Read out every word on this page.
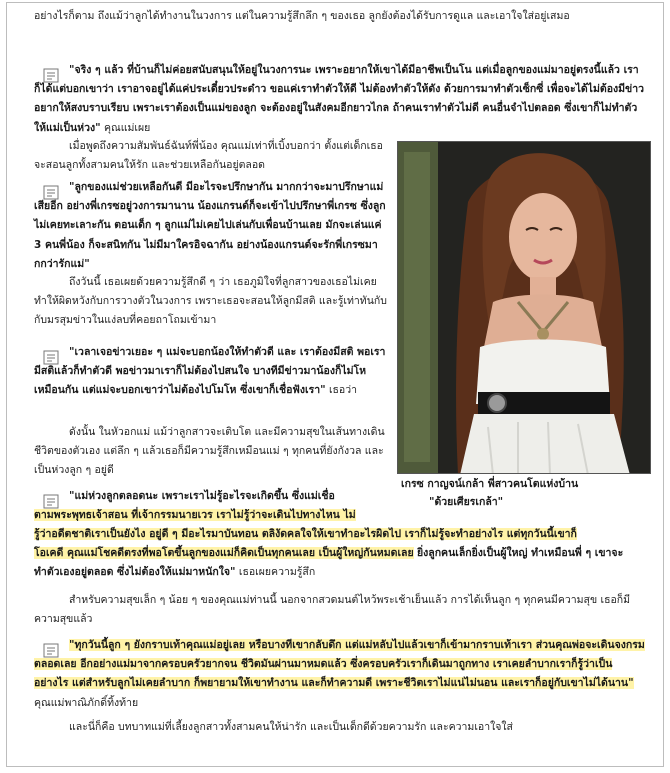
อย่างไรก็ตาม ถึงแม้ว่าลูกได้ทำงานในวงการ แต่ในความรู้สึกลึก ๆ ของเธอ ลูกยังต้องได้รับการดูแล และเอาใจใส่อยู่เสมอ

"จริง ๆ แล้ว ที่บ้านก็ไม่ค่อยสนับสนุนให้อยู่ในวงการนะ เพราะอยากให้เขาได้มีอาชีพเป็นโน แต่เมื่อลูกของแม่มาอยู่ตรงนี้แล้ว เราก็ได้แต่บอกเขาว่า เราอาจอยู่ได้แค่ประเดี๋ยวประด๋าว ขอแค่เราทำตัวให้ดี ไม่ต้องทำตัวให้ดัง ด้วยการมาทำตัวเซ็กซี่ เพื่อจะได้ไม่ต้องมีข่าว อยากให้สงบราบเรียบ เพราะเราต้องเป็นแม่ของลูก จะต้องอยู่ในสังคมอีกยาวไกล ถ้าคนเราทำตัวไม่ดี คนอื่นจำไปตลอด ซึ่งเขาก็ไม่ทำตัวให้แม่เป็นห่วง" คุณแม่เผย

เมื่อพูดถึงความสัมพันธ์ฉันท์พี่น้อง คุณแม่เท่าที่เบิ้งบอกว่า ตั้งแต่เด็กเธอจะสอนลูกทั้งสามคนให้รัก และช่วยเหลือกันอยู่ตลอด

"ลูกของแม่ช่วยเหลือกันดี มีอะไรจะปรึกษากัน มากกว่าจะมาปรึกษาแม่เสียอีก อย่างพี่เกรซอยู่วงการมานาน น้องแกรนด์ก็จะเข้าไปปรึกษาพี่เกรซ ซึ่งลูกไม่เคยทะเลาะกัน ตอนเด็ก ๆ ลูกแม่ไม่เคยไปเล่นกับเพื่อนบ้านเลย มักจะเล่นแค่ 3 คนพี่น้อง ก็จะสนิทกัน ไม่มีมาใครอิจฉากัน อย่างน้องแกรนด์จะรักพี่เกรซมากกว่ารักแม่"

ถึงวันนี้ เธอเผยด้วยความรู้สึกดี ๆ ว่า เธอภูมิใจที่ลูกสาวของเธอไม่เคยทำให้ผิดหวังกับการวางตัวในวงการ เพราะเธอจะสอนให้ลูกมีสติ และรู้เท่าทันกับกับมรสุมข่าวในแง่ลบที่คอยถาโถมเข้ามา

"เวลาเจอข่าวเยอะ ๆ แม่จะบอกน้องให้ทำตัวดี และ เราต้องมีสติ พอเรามีสติแล้วก็ทำตัวดี พอข่าวมาเราก็ไม่ต้องไปสนใจ บางทีมีข่าวมาน้องก็ไม่โหเหมือนกัน แต่แม่จะบอกเขาว่าไม่ต้องไปโมโห ซึ่งเขาก็เชื่อฟังเรา" เธอว่า

ดังนั้น ในหัวอกแม่ แม้ว่าลูกสาวจะเติบโต และมีความสุขในเส้นทางเดินชีวิตของตัวเอง แต่ลึก ๆ แล้วเธอก็มีความรู้สึกเหมือนแม่ ๆ ทุกคนที่ยังกังวล และเป็นห่วงลูก ๆ อยู่ดี

"แม่ห่วงลูกตลอดนะ เพราะเราไม่รู้อะไรจะเกิดขึ้น ซึ่งแม่เชื่อ

ตามพระพุทธเจ้าสอน ที่เจ้ากรรมนายเวร เราไม่รู้ว่าจะเดินไปทางไหน ไม่

รู้ว่าอดีตชาติเราเป็นยังไง อยู่ดี ๆ มีอะไรมาบันทอน ตลิงัดคลใจให้เขาทำอะไรผิดไป เราก็ไม่รู้จะทำอย่างไร แต่ทุกวันนี้เขาก็

โอเคดี คุณแม่โชคดีตรงที่พอโตขึ้นลูกของแม่ก็คิดเป็นทุกคนเลย เป็นผู้ใหญ่กันหมดเลย ยิ่งลูกคนเล็กยิ่งเป็นผู้ใหญ่ ทำเหมือนพี่ ๆ เขาจะทำตัวเองอยู่ตลอด ซึ่งไม่ต้องให้แม่มาหนักใจ" เธอเผยความรู้สึก

สำหรับความสุขเล็ก ๆ น้อย ๆ ของคุณแม่ท่านนี้ นอกจากสวดมนต์ไหว้พระเช้าเย็นแล้ว การได้เห็นลูก ๆ ทุกคนมีความสุข เธอก็มีความสุขแล้ว

"ทุกวันนี้ลูก ๆ ยังกราบเท้าคุณแม่อยู่เลย หรือบางทีเขากลับดึก แต่แม่หลับไปแล้วเขาก็เข้ามากราบเท้าเรา ส่วนคุณพ่อจะเดินจงกรมตลอดเลย อีกอย่างแม่มาจากครอบครัวยากจน ชีวิตมันผ่านมาหมดแล้ว ซึ่งครอบครัวเราก็เดินมาถูกทาง เราเคยลำบากเราก็รู้ว่าเป็นอย่างไร แต่สำหรับลูกไม่เคยลำบาก ก็พยายามให้เขาทำงาน และก็ทำความดี เพราะชีวิตเราไม่แน่ไม่นอน และเราก็อยู่กับเขาไม่ได้นาน" คุณแม่พาณิภักดิ์ทิ้งท้าย

และนี่ก็คือ บทบาทแม่ที่เลี้ยงลูกสาวทั้งสามคนให้น่ารัก และเป็นเด็กดีด้วยความรัก และความเอาใจใส่

เกรซ กาญจน์เกล้า พี่สาวคนโตแห่งบ้าน
"ด้วยเศียรเกล้า"
